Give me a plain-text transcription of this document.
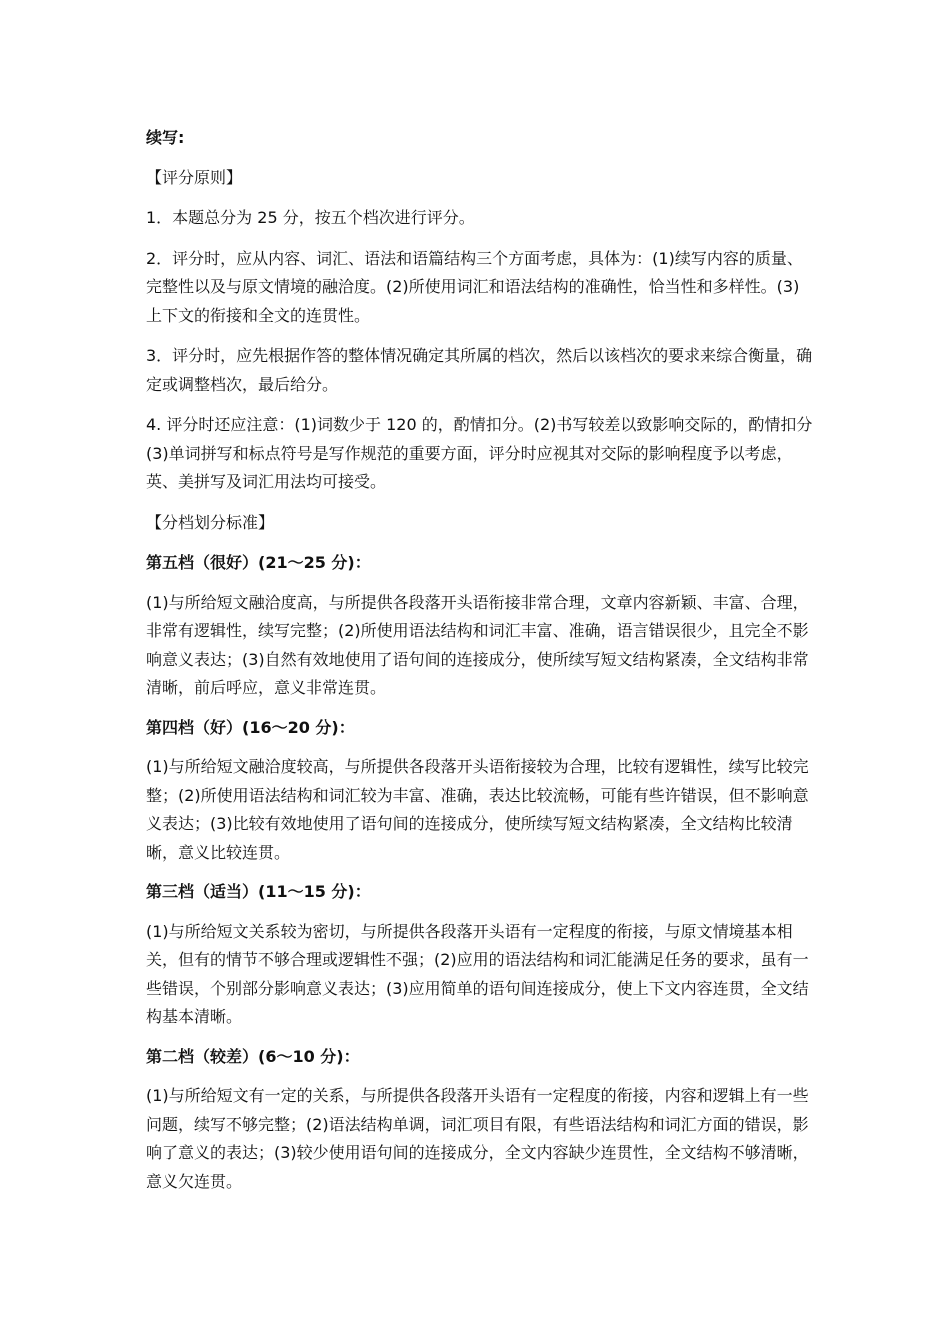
续写:

【评分原则】

1．本题总分为 25 分，按五个档次进行评分。

2．评分时，应从内容、词汇、语法和语篇结构三个方面考虑，具体为：(1)续写内容的质量、完整性以及与原文情境的融洽度。(2)所使用词汇和语法结构的准确性，恰当性和多样性。(3)上下文的衔接和全文的连贯性。

3．评分时，应先根据作答的整体情况确定其所属的档次，然后以该档次的要求来综合衡量，确定或调整档次，最后给分。

4. 评分时还应注意：(1)词数少于 120 的，酌情扣分。(2)书写较差以致影响交际的，酌情扣分(3)单词拼写和标点符号是写作规范的重要方面，评分时应视其对交际的影响程度予以考虑，英、美拼写及词汇用法均可接受。

【分档划分标准】

第五档（很好）(21～25 分)：

(1)与所给短文融洽度高，与所提供各段落开头语衔接非常合理，文章内容新颖、丰富、合理，非常有逻辑性，续写完整；(2)所使用语法结构和词汇丰富、准确，语言错误很少，且完全不影响意义表达；(3)自然有效地使用了语句间的连接成分，使所续写短文结构紧凑，全文结构非常清晰，前后呼应，意义非常连贯。

第四档（好）(16～20 分)：

(1)与所给短文融洽度较高，与所提供各段落开头语衔接较为合理，比较有逻辑性，续写比较完整；(2)所使用语法结构和词汇较为丰富、准确，表达比较流畅，可能有些许错误，但不影响意义表达；(3)比较有效地使用了语句间的连接成分，使所续写短文结构紧凑，全文结构比较清晰，意义比较连贯。

第三档（适当）(11～15 分)：

(1)与所给短文关系较为密切，与所提供各段落开头语有一定程度的衔接，与原文情境基本相关，但有的情节不够合理或逻辑性不强；(2)应用的语法结构和词汇能满足任务的要求，虽有一些错误，个别部分影响意义表达；(3)应用简单的语句间连接成分，使上下文内容连贯，全文结构基本清晰。

第二档（较差）(6～10 分)：

(1)与所给短文有一定的关系，与所提供各段落开头语有一定程度的衔接，内容和逻辑上有一些问题，续写不够完整；(2)语法结构单调，词汇项目有限，有些语法结构和词汇方面的错误，影响了意义的表达；(3)较少使用语句间的连接成分，全文内容缺少连贯性，全文结构不够清晰，意义欠连贯。
